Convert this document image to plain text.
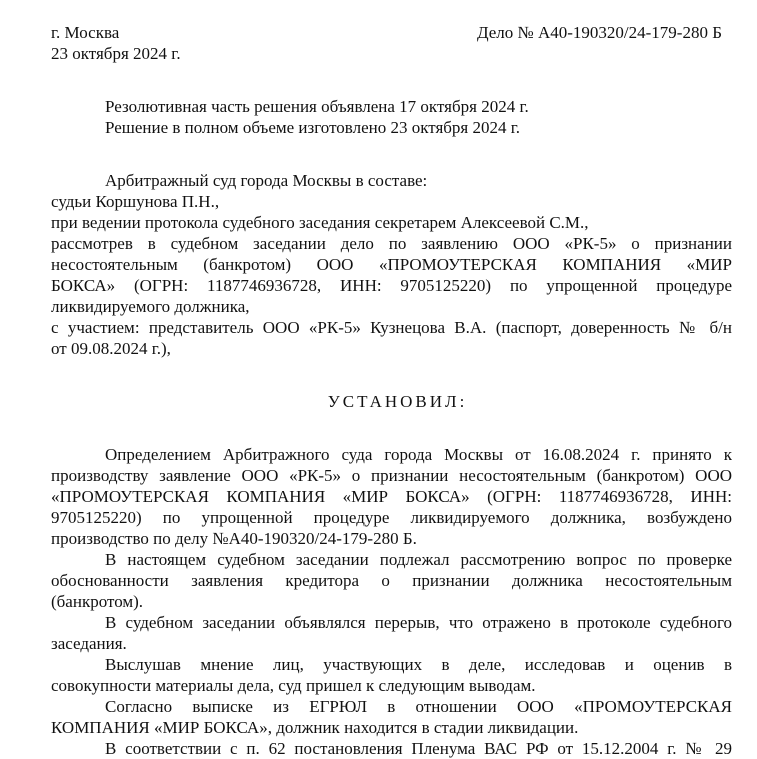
г. Москва
23 октября 2024 г.
Дело № А40-190320/24-179-280 Б
Резолютивная часть решения объявлена 17 октября 2024 г.
Решение в полном объеме изготовлено 23 октября 2024 г.
Арбитражный суд города Москвы в составе:
судьи Коршунова П.Н.,
при ведении протокола судебного заседания секретарем Алексеевой С.М.,
рассмотрев в судебном заседании дело по заявлению ООО «РК-5» о признании
несостоятельным (банкротом) ООО «ПРОМОУТЕРСКАЯ КОМПАНИЯ «МИР
БОКСА» (ОГРН: 1187746936728, ИНН: 9705125220) по упрощенной процедуре
ликвидируемого должника,
с участием: представитель ООО «РК-5» Кузнецова В.А. (паспорт, доверенность № б/н
от 09.08.2024 г.),
УСТАНОВИЛ:
Определением Арбитражного суда города Москвы от 16.08.2024 г. принято к
производству заявление ООО «РК-5» о признании несостоятельным (банкротом) ООО
«ПРОМОУТЕРСКАЯ КОМПАНИЯ «МИР БОКСА» (ОГРН: 1187746936728, ИНН:
9705125220) по упрощенной процедуре ликвидируемого должника, возбуждено
производство по делу №А40-190320/24-179-280 Б.
В настоящем судебном заседании подлежал рассмотрению вопрос по проверке
обоснованности заявления кредитора о признании должника несостоятельным
(банкротом).
В судебном заседании объявлялся перерыв, что отражено в протоколе судебного
заседания.
Выслушав мнение лиц, участвующих в деле, исследовав и оценив в
совокупности материалы дела, суд пришел к следующим выводам.
Согласно выписке из ЕГРЮЛ в отношении ООО «ПРОМОУТЕРСКАЯ
КОМПАНИЯ «МИР БОКСА», должник находится в стадии ликвидации.
В соответствии с п. 62 постановления Пленума ВАС РФ от 15.12.2004 г. № 29
